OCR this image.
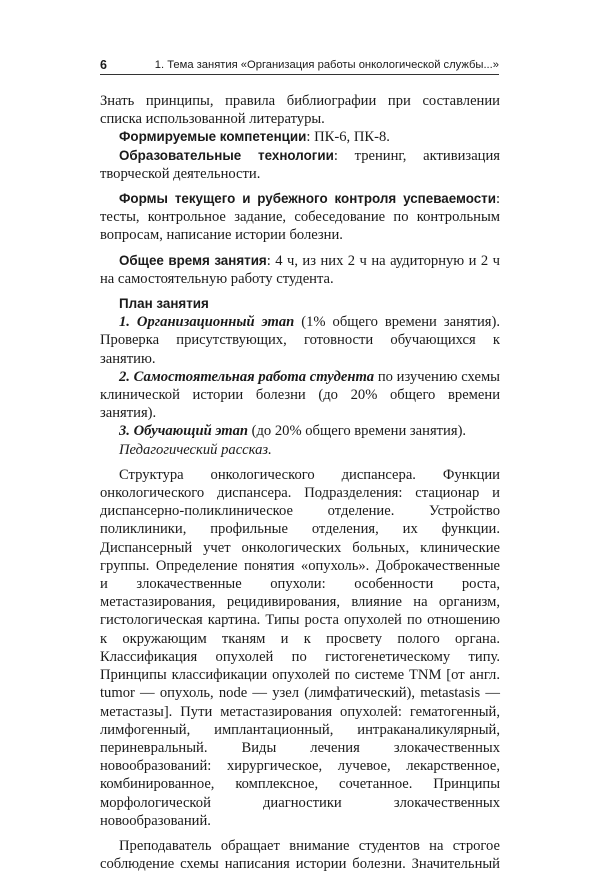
6	1. Тема занятия «Организация работы онкологической службы...»

Знать принципы, правила библиографии при составлении списка использованной литературы.

Формируемые компетенции: ПК-6, ПК-8.

Образовательные технологии: тренинг, активизация творческой деятельности.

Формы текущего и рубежного контроля успеваемости: тесты, контрольное задание, собеседование по контрольным вопросам, написание истории болезни.

Общее время занятия: 4 ч, из них 2 ч на аудиторную и 2 ч на самостоятельную работу студента.

План занятия

1. Организационный этап (1% общего времени занятия). Проверка присутствующих, готовности обучающихся к занятию.

2. Самостоятельная работа студента по изучению схемы клинической истории болезни (до 20% общего времени занятия).

3. Обучающий этап (до 20% общего времени занятия).

Педагогический рассказ.

Структура онкологического диспансера. Функции онкологического диспансера. Подразделения: стационар и диспансерно-поликлиническое отделение. Устройство поликлиники, профильные отделения, их функции. Диспансерный учет онкологических больных, клинические группы. Определение понятия «опухоль». Доброкачественные и злокачественные опухоли: особенности роста, метастазирования, рецидивирования, влияние на организм, гистологическая картина. Типы роста опухолей по отношению к окружающим тканям и к просвету полого органа. Классификация опухолей по гистогенетическому типу. Принципы классификации опухолей по системе TNM [от англ. tumor — опухоль, node — узел (лимфатический), metastasis — метастазы]. Пути метастазирования опухолей: гематогенный, лимфогенный, имплантационный, интраканаликулярный, периневральный. Виды лечения злокачественных новообразований: хирургическое, лучевое, лекарственное, комбинированное, комплексное, сочетанное. Принципы морфологической диагностики злокачественных новообразований.

Преподаватель обращает внимание студентов на строгое соблюдение схемы написания истории болезни. Значительный
